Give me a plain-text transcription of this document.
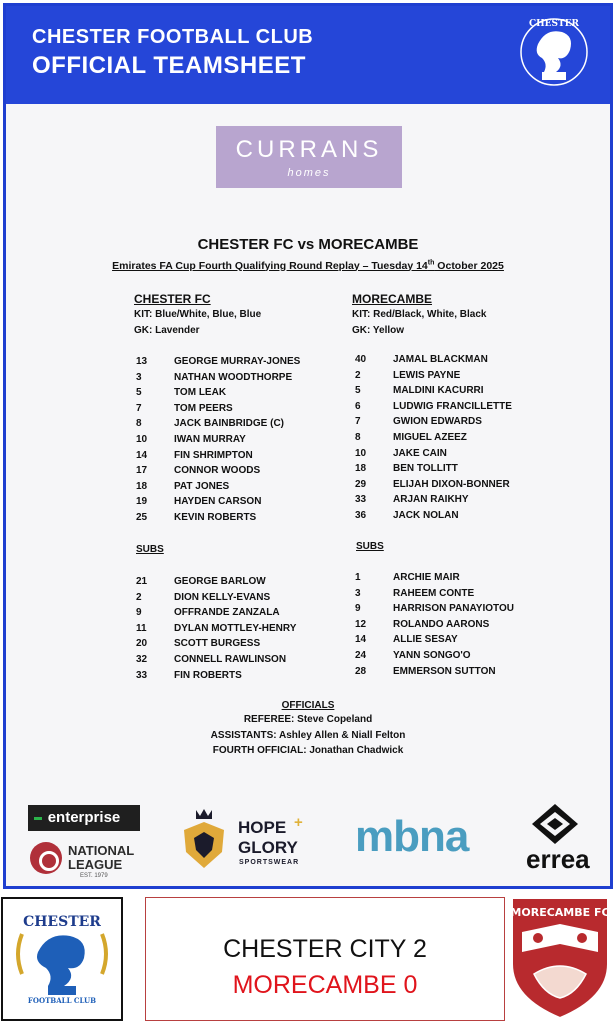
CHESTER FOOTBALL CLUB
OFFICIAL TEAMSHEET
CHESTER
CURRANS
homes
CHESTER FC vs MORECAMBE
Emirates FA Cup Fourth Qualifying Round Replay – Tuesday 14th October 2025
CHESTER FC
KIT: Blue/White, Blue, Blue
GK: Lavender
MORECAMBE
KIT: Red/Black, White, Black
GK: Yellow
13	GEORGE MURRAY-JONES
3	NATHAN WOODTHORPE
5	TOM LEAK
7	TOM PEERS
8	JACK BAINBRIDGE (C)
10	IWAN MURRAY
14	FIN SHRIMPTON
17	CONNOR WOODS
18	PAT JONES
19	HAYDEN CARSON
25	KEVIN ROBERTS
40	JAMAL BLACKMAN
2	LEWIS PAYNE
5	MALDINI KACURRI
6	LUDWIG FRANCILLETTE
7	GWION EDWARDS
8	MIGUEL AZEEZ
10	JAKE CAIN
18	BEN TOLLITT
29	ELIJAH DIXON-BONNER
33	ARJAN RAIKHY
36	JACK NOLAN
SUBS	SUBS
21	GEORGE BARLOW
2	DION KELLY-EVANS
9	OFFRANDE ZANZALA
11	DYLAN MOTTLEY-HENRY
20	SCOTT BURGESS
32	CONNELL RAWLINSON
33	FIN ROBERTS
1	ARCHIE MAIR
3	RAHEEM CONTE
9	HARRISON PANAYIOTOU
12	ROLANDO AARONS
14	ALLIE SESAY
24	YANN SONGO'O
28	EMMERSON SUTTON
OFFICIALS
REFEREE: Steve Copeland
ASSISTANTS: Ashley Allen & Niall Felton
FOURTH OFFICIAL: Jonathan Chadwick
enterprise
NATIONAL
LEAGUE
EST. 1979
HOPE +
GLORY
SPORTSWEAR
mbna errea
FOOTBALL CLUB
CHESTER
CHESTER CITY 2
MORECAMBE 0
MORECAMBE FC
